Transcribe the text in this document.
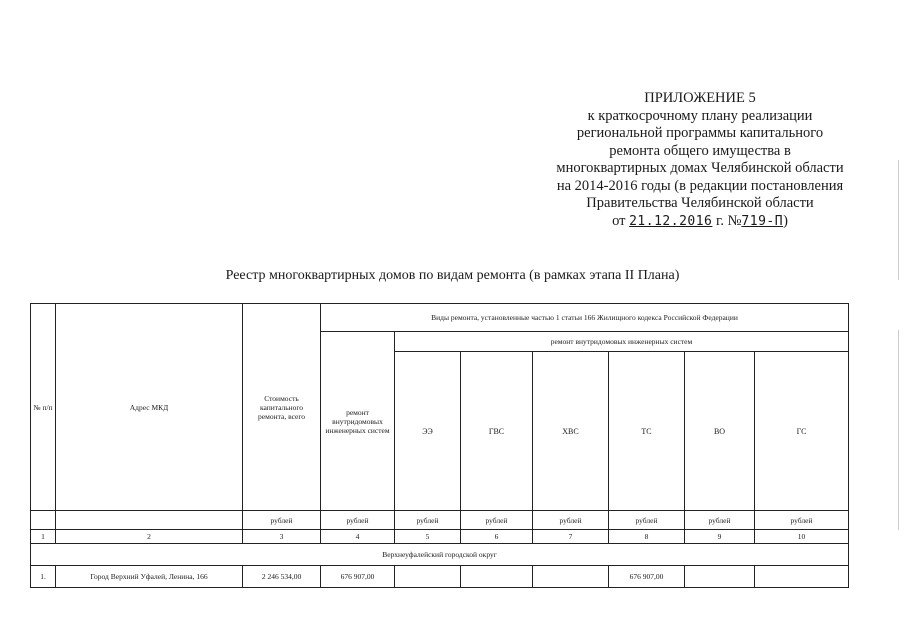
ПРИЛОЖЕНИЕ 5
к краткосрочному плану реализации
региональной программы капитального
ремонта общего имущества в
многоквартирных домах Челябинской области
на 2014-2016 годы (в редакции постановления
Правительства Челябинской области
от 21.12.2016 г. №719-П)
Реестр многоквартирных домов по видам ремонта (в рамках этапа II Плана)
№ п/п	Адрес МКД	Стоимость капитального ремонта, всего	Виды ремонта, установленные частью 1 статьи 166 Жилищного кодекса Российской Федерации						
			ремонт внутридомовых инженерных систем	ремонт внутридомовых инженерных систем					
				ЭЭ	ГВС	ХВС	ТС	ВО	ГС
		рублей	рублей	рублей	рублей	рублей	рублей	рублей	рублей
1	2	3	4	5	6	7	8	9	10
Верхнеуфалейский городской округ									
1.	Город Верхний Уфалей, Ленина, 166	2 246 534,00	676 907,00				676 907,00		
